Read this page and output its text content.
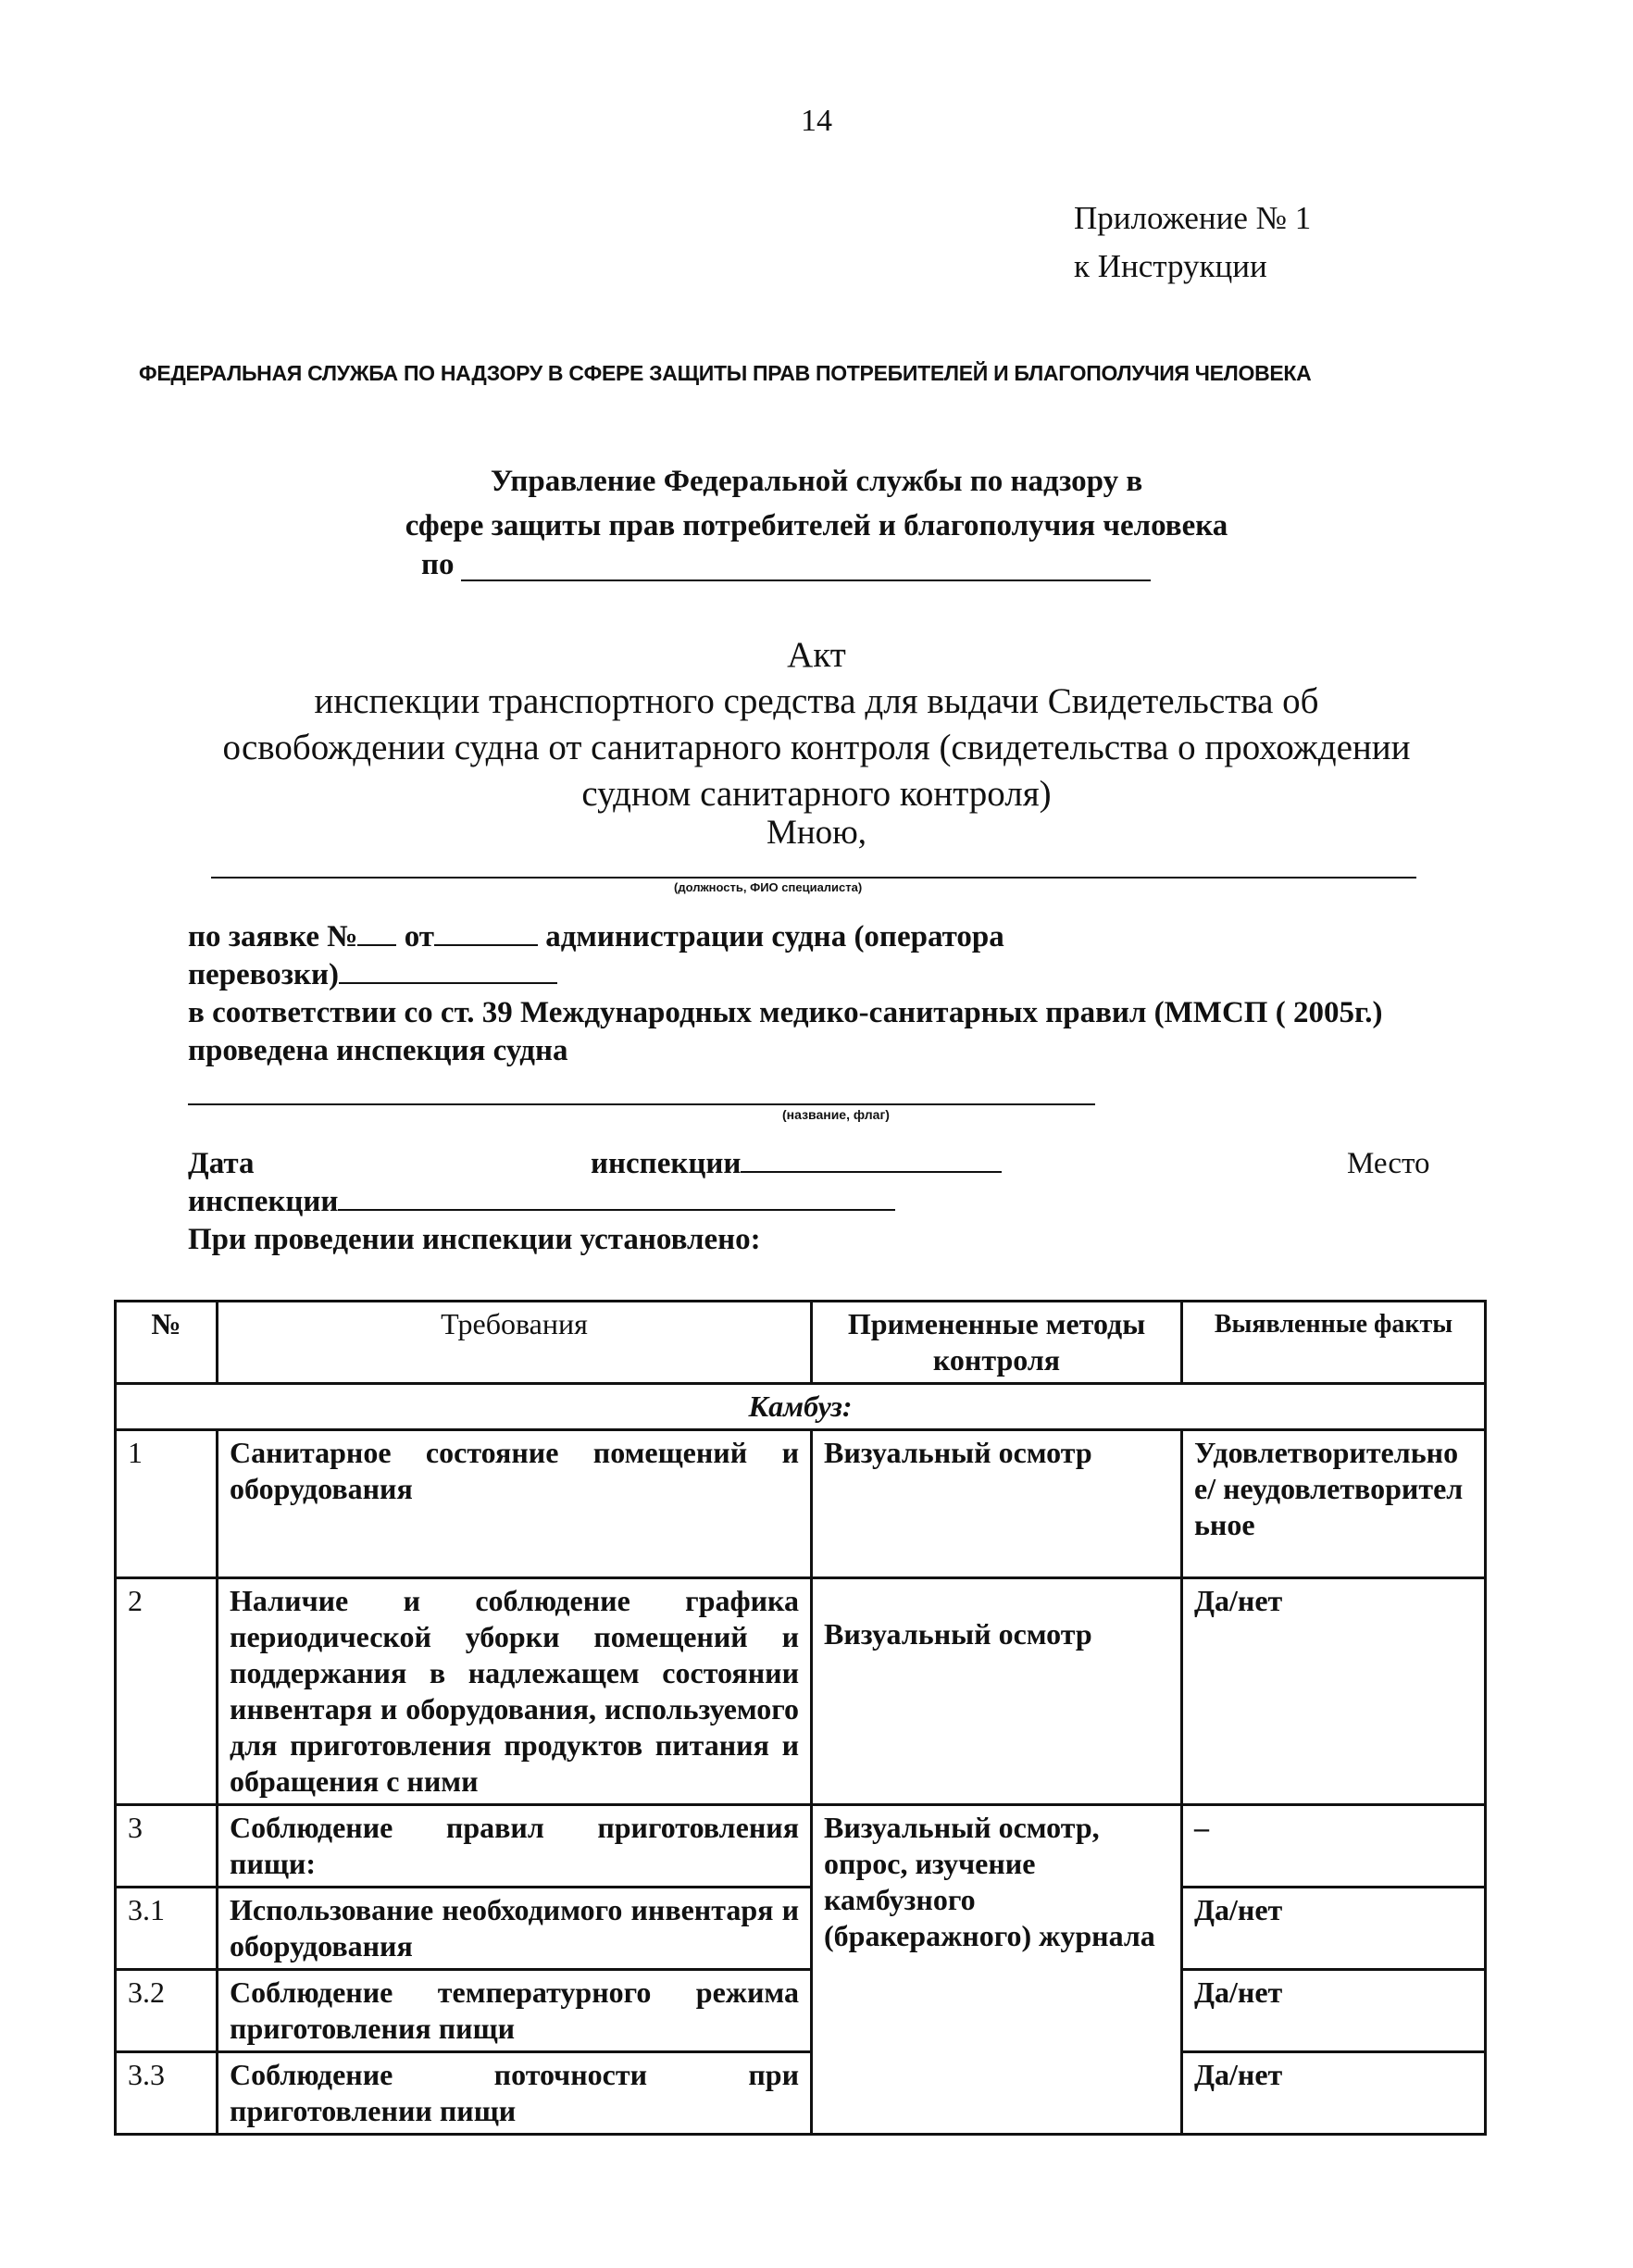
14
Приложение № 1
к Инструкции
ФЕДЕРАЛЬНАЯ СЛУЖБА ПО НАДЗОРУ В СФЕРЕ ЗАЩИТЫ ПРАВ ПОТРЕБИТЕЛЕЙ И БЛАГОПОЛУЧИЯ ЧЕЛОВЕКА
Управление Федеральной службы по надзору в
сфере защиты прав потребителей и благополучия человека
по
Акт
инспекции транспортного средства для выдачи Свидетельства об
освобождении судна от санитарного контроля (свидетельства о прохождении
судном санитарного контроля)
Мною,
(должность, ФИО специалиста)
по заявке № от	администрации судна (оператора
перевозки)
в соответствии со ст. 39 Международных медико-санитарных правил (ММСП ( 2005г.)
проведена инспекция судна
(название, флаг)
Дата	инспекции	Место
инспекции
При проведении инспекции установлено:
№	Требования	Примененные методы контроля	Выявленные факты
Камбуз:			
1	Санитарное состояние помещений и оборудования	Визуальный осмотр	Удовлетворительное/ неудовлетворительное
2	Наличие и соблюдение графика периодической уборки помещений и поддержания в надлежащем состоянии инвентаря и оборудования, используемого для приготовления продуктов питания и обращения с ними	Визуальный осмотр	Да/нет
3	Соблюдение правил приготовления пищи:	Визуальный осмотр, опрос, изучение камбузного (бракеражного) журнала	–
3.1	Использование необходимого инвентаря и оборудования		Да/нет
3.2	Соблюдение температурного режима приготовления пищи		Да/нет
3.3	Соблюдение поточности при приготовлении пищи		Да/нет
